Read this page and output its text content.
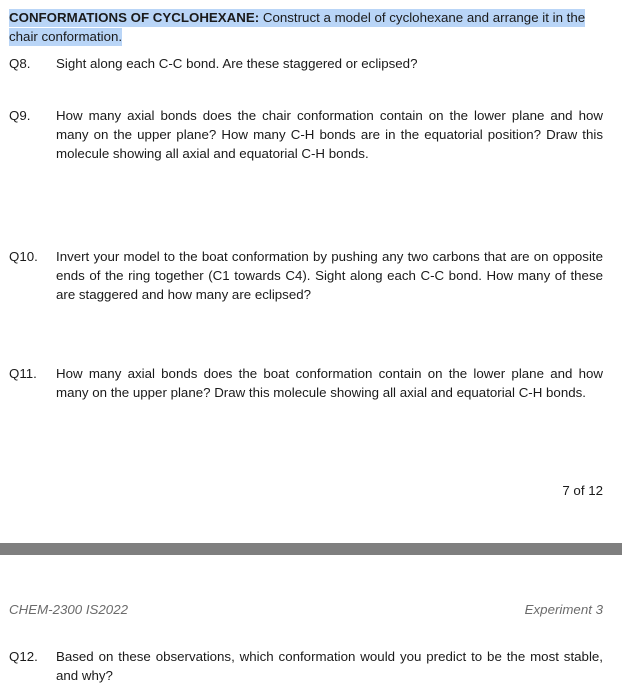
CONFORMATIONS OF CYCLOHEXANE: Construct a model of cyclohexane and arrange it in the chair conformation.

Q8. Sight along each C-C bond. Are these staggered or eclipsed?
Q9. How many axial bonds does the chair conformation contain on the lower plane and how many on the upper plane? How many C-H bonds are in the equatorial position? Draw this molecule showing all axial and equatorial C-H bonds.
Q10. Invert your model to the boat conformation by pushing any two carbons that are on opposite ends of the ring together (C1 towards C4). Sight along each C-C bond. How many of these are staggered and how many are eclipsed?
Q11. How many axial bonds does the boat conformation contain on the lower plane and how many on the upper plane? Draw this molecule showing all axial and equatorial C-H bonds.
7 of 12
CHEM-2300 IS2022	Experiment 3
Q12. Based on these observations, which conformation would you predict to be the most stable, and why?
